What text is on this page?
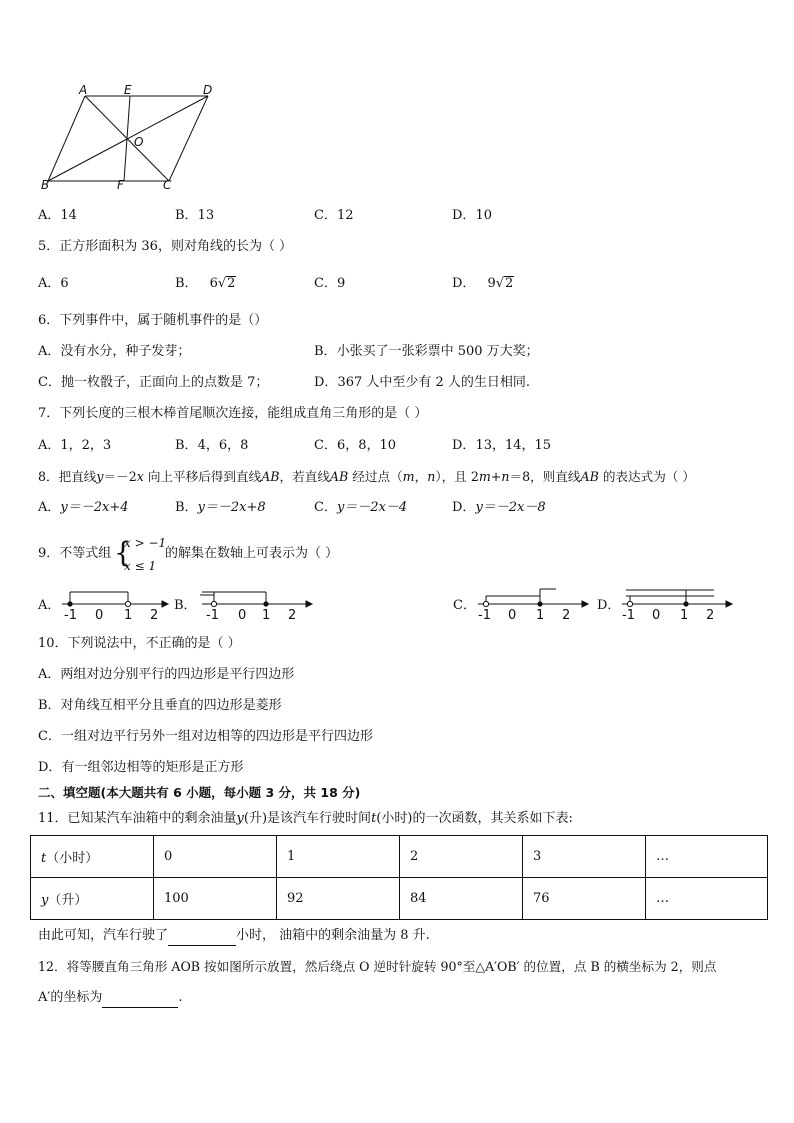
A	E	D
O
B	F	C
A．14	B．13	C．12	D．10
5．正方形面积为 36，则对角线的长为（ ）
A．6	B． 6√2	C．9	D． 9√2
6．下列事件中，属于随机事件的是（）
A．没有水分，种子发芽；	B．小张买了一张彩票中 500 万大奖；
C．抛一枚骰子，正面向上的点数是 7；	D．367 人中至少有 2 人的生日相同.
7．下列长度的三根木棒首尾顺次连接，能组成直角三角形的是（ ）
A．1，2，3	B．4，6，8	C．6，8，10	D．13，14，15
8．把直线y＝－2x 向上平移后得到直线AB，若直线AB 经过点（m，n），且 2m+n＝8，则直线AB 的表达式为（ ）
A．y＝－2x+4	B．y＝－2x+8	C．y＝－2x－4	D．y＝－2x－8
9．不等式组 {
x > −1
x ≤ 1
的解集在数轴上可表示为（ ）
A．	B．	C．	D．
-1 0 1 2	-1 0 1 2	-1 0 1 2	-1 0 1 2
10．下列说法中，不正确的是（ ）
A．两组对边分别平行的四边形是平行四边形
B．对角线互相平分且垂直的四边形是菱形
C．一组对边平行另外一组对边相等的四边形是平行四边形
D．有一组邻边相等的矩形是正方形
二、填空题(本大题共有 6 小题，每小题 3 分，共 18 分)
11．已知某汽车油箱中的剩余油量y(升)是该汽车行驶时间t(小时)的一次函数，其关系如下表:
t（小时）	0	1	2	3	…
y（升）	100	92	84	76	…
由此可知，汽车行驶了	小时， 油箱中的剩余油量为 8 升.
12．将等腰直角三角形 AOB 按如图所示放置，然后绕点 O 逆时针旋转 90°至△A′OB′ 的位置，点 B 的横坐标为 2，则点
A′的坐标为	.
